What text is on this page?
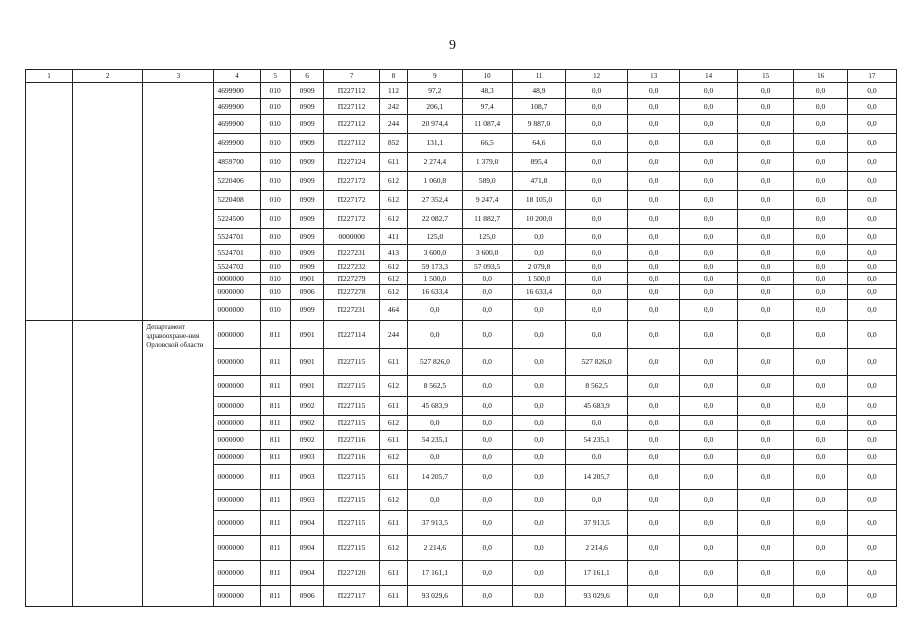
9
1	2	3	4	5	6	7	8	9	10	11	12	13	14	15	16	17
			4699900	010	0909	П227112	112	97,2	48,3	48,9	0,0	0,0	0,0	0,0	0,0	0,0
			4699900	010	0909	П227112	242	206,1	97,4	108,7	0,0	0,0	0,0	0,0	0,0	0,0
			4699900	010	0909	П227112	244	20 974,4	11 087,4	9 887,0	0,0	0,0	0,0	0,0	0,0	0,0
			4699900	010	0909	П227112	852	131,1	66,5	64,6	0,0	0,0	0,0	0,0	0,0	0,0
			4859700	010	0909	П227124	611	2 274,4	1 379,0	895,4	0,0	0,0	0,0	0,0	0,0	0,0
			5220406	010	0909	П227172	612	1 060,8	589,0	471,8	0,0	0,0	0,0	0,0	0,0	0,0
			5220408	010	0909	П227172	612	27 352,4	9 247,4	18 105,0	0,0	0,0	0,0	0,0	0,0	0,0
			5224500	010	0909	П227172	612	22 082,7	11 882,7	10 200,0	0,0	0,0	0,0	0,0	0,0	0,0
			5524701	010	0909	0000000	411	125,0	125,0	0,0	0,0	0,0	0,0	0,0	0,0	0,0
			5524701	010	0909	П227231	413	3 600,0	3 600,0	0,0	0,0	0,0	0,0	0,0	0,0	0,0
			5524702	010	0909	П227232	612	59 173,3	57 093,5	2 079,8	0,0	0,0	0,0	0,0	0,0	0,0
			0000000	010	0901	П227279	612	1 500,0	0,0	1 500,0	0,0	0,0	0,0	0,0	0,0	0,0
			0000000	010	0906	П227278	612	16 633,4	0,0	16 633,4	0,0	0,0	0,0	0,0	0,0	0,0
			0000000	010	0909	П227231	464	0,0	0,0	0,0	0,0	0,0	0,0	0,0	0,0	0,0
		Департамент здравоохране-ния Орловской области	0000000	811	0901	П227114	244	0,0	0,0	0,0	0,0	0,0	0,0	0,0	0,0	0,0
			0000000	811	0901	П227115	611	527 826,0	0,0	0,0	527 826,0	0,0	0,0	0,0	0,0	0,0
			0000000	811	0901	П227115	612	8 562,5	0,0	0,0	8 562,5	0,0	0,0	0,0	0,0	0,0
			0000000	811	0902	П227115	611	45 683,9	0,0	0,0	45 683,9	0,0	0,0	0,0	0,0	0,0
			0000000	811	0902	П227115	612	0,0	0,0	0,0	0,0	0,0	0,0	0,0	0,0	0,0
			0000000	811	0902	П227116	611	54 235,1	0,0	0,0	54 235,1	0,0	0,0	0,0	0,0	0,0
			0000000	811	0903	П227116	612	0,0	0,0	0,0	0,0	0,0	0,0	0,0	0,0	0,0
			0000000	811	0903	П227115	611	14 205,7	0,0	0,0	14 205,7	0,0	0,0	0,0	0,0	0,0
			0000000	811	0903	П227115	612	0,0	0,0	0,0	0,0	0,0	0,0	0,0	0,0	0,0
			0000000	811	0904	П227115	611	37 913,5	0,0	0,0	37 913,5	0,0	0,0	0,0	0,0	0,0
			0000000	811	0904	П227115	612	2 214,6	0,0	0,0	2 214,6	0,0	0,0	0,0	0,0	0,0
			0000000	811	0904	П227120	611	17 161,1	0,0	0,0	17 161,1	0,0	0,0	0,0	0,0	0,0
			0000000	811	0906	П227117	611	93 029,6	0,0	0,0	93 029,6	0,0	0,0	0,0	0,0	0,0
